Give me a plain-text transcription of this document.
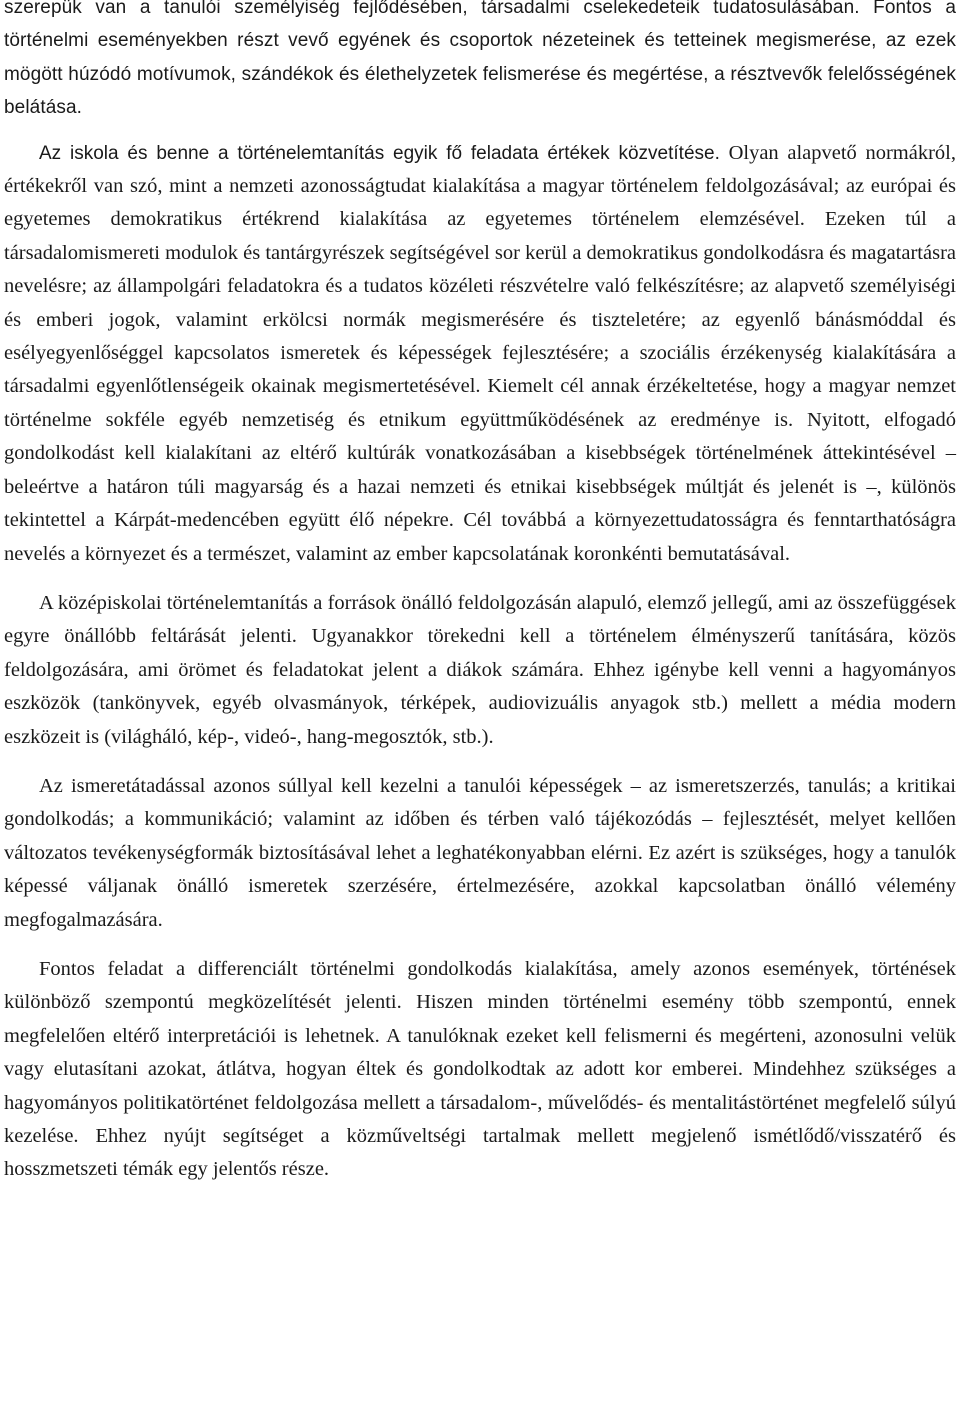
szerepük van a tanulói személyiség fejlődésében, társadalmi cselekedeteik tudatosulásában. Fontos a történelmi eseményekben részt vevő egyének és csoportok nézeteinek és tetteinek megismerése, az ezek mögött húzódó motívumok, szándékok és élethelyzetek felismerése és megértése, a résztvevők felelősségének belátása.

Az iskola és benne a történelemtanítás egyik fő feladata értékek közvetítése. Olyan alapvető normákról, értékekről van szó, mint a nemzeti azonosságtudat kialakítása a magyar történelem feldolgozásával; az európai és egyetemes demokratikus értékrend kialakítása az egyetemes történelem elemzésével. Ezeken túl a társadalomismereti modulok és tantárgyrészek segítségével sor kerül a demokratikus gondolkodásra és magatartásra nevelésre; az állampolgári feladatokra és a tudatos közéleti részvételre való felkészítésre; az alapvető személyiségi és emberi jogok, valamint erkölcsi normák megismerésére és tiszteletére; az egyenlő bánásmóddal és esélyegyenlőséggel kapcsolatos ismeretek és képességek fejlesztésére; a szociális érzékenység kialakítására a társadalmi egyenlőtlenségeik okainak megismertetésével. Kiemelt cél annak érzékeltetése, hogy a magyar nemzet történelme sokféle egyéb nemzetiség és etnikum együttműködésének az eredménye is. Nyitott, elfogadó gondolkodást kell kialakítani az eltérő kultúrák vonatkozásában a kisebbségek történelmének áttekintésével – beleértve a határon túli magyarság és a hazai nemzeti és etnikai kisebbségek múltját és jelenét is –, különös tekintettel a Kárpát-medencében együtt élő népekre. Cél továbbá a környezettudatosságra és fenntarthatóságra nevelés a környezet és a természet, valamint az ember kapcsolatának koronkénti bemutatásával.

A középiskolai történelemtanítás a források önálló feldolgozásán alapuló, elemző jellegű, ami az összefüggések egyre önállóbb feltárását jelenti. Ugyanakkor törekedni kell a történelem élményszerű tanítására, közös feldolgozására, ami örömet és feladatokat jelent a diákok számára. Ehhez igénybe kell venni a hagyományos eszközök (tankönyvek, egyéb olvasmányok, térképek, audiovizuális anyagok stb.) mellett a média modern eszközeit is (világháló, kép-, videó-, hang-megosztók, stb.).

Az ismeretátadással azonos súllyal kell kezelni a tanulói képességek – az ismeretszerzés, tanulás; a kritikai gondolkodás; a kommunikáció; valamint az időben és térben való tájékozódás – fejlesztését, melyet kellően változatos tevékenységformák biztosításával lehet a leghatékonyabban elérni. Ez azért is szükséges, hogy a tanulók képessé váljanak önálló ismeretek szerzésére, értelmezésére, azokkal kapcsolatban önálló vélemény megfogalmazására.

Fontos feladat a differenciált történelmi gondolkodás kialakítása, amely azonos események, történések különböző szempontú megközelítését jelenti. Hiszen minden történelmi esemény több szempontú, ennek megfelelően eltérő interpretációi is lehetnek. A tanulóknak ezeket kell felismerni és megérteni, azonosulni velük vagy elutasítani azokat, átlátva, hogyan éltek és gondolkodtak az adott kor emberei. Mindehhez szükséges a hagyományos politikatörténet feldolgozása mellett a társadalom-, művelődés- és mentalitástörténet megfelelő súlyú kezelése. Ehhez nyújt segítséget a közműveltségi tartalmak mellett megjelenő ismétlődő/visszatérő és hosszmetszeti témák egy jelentős része.
